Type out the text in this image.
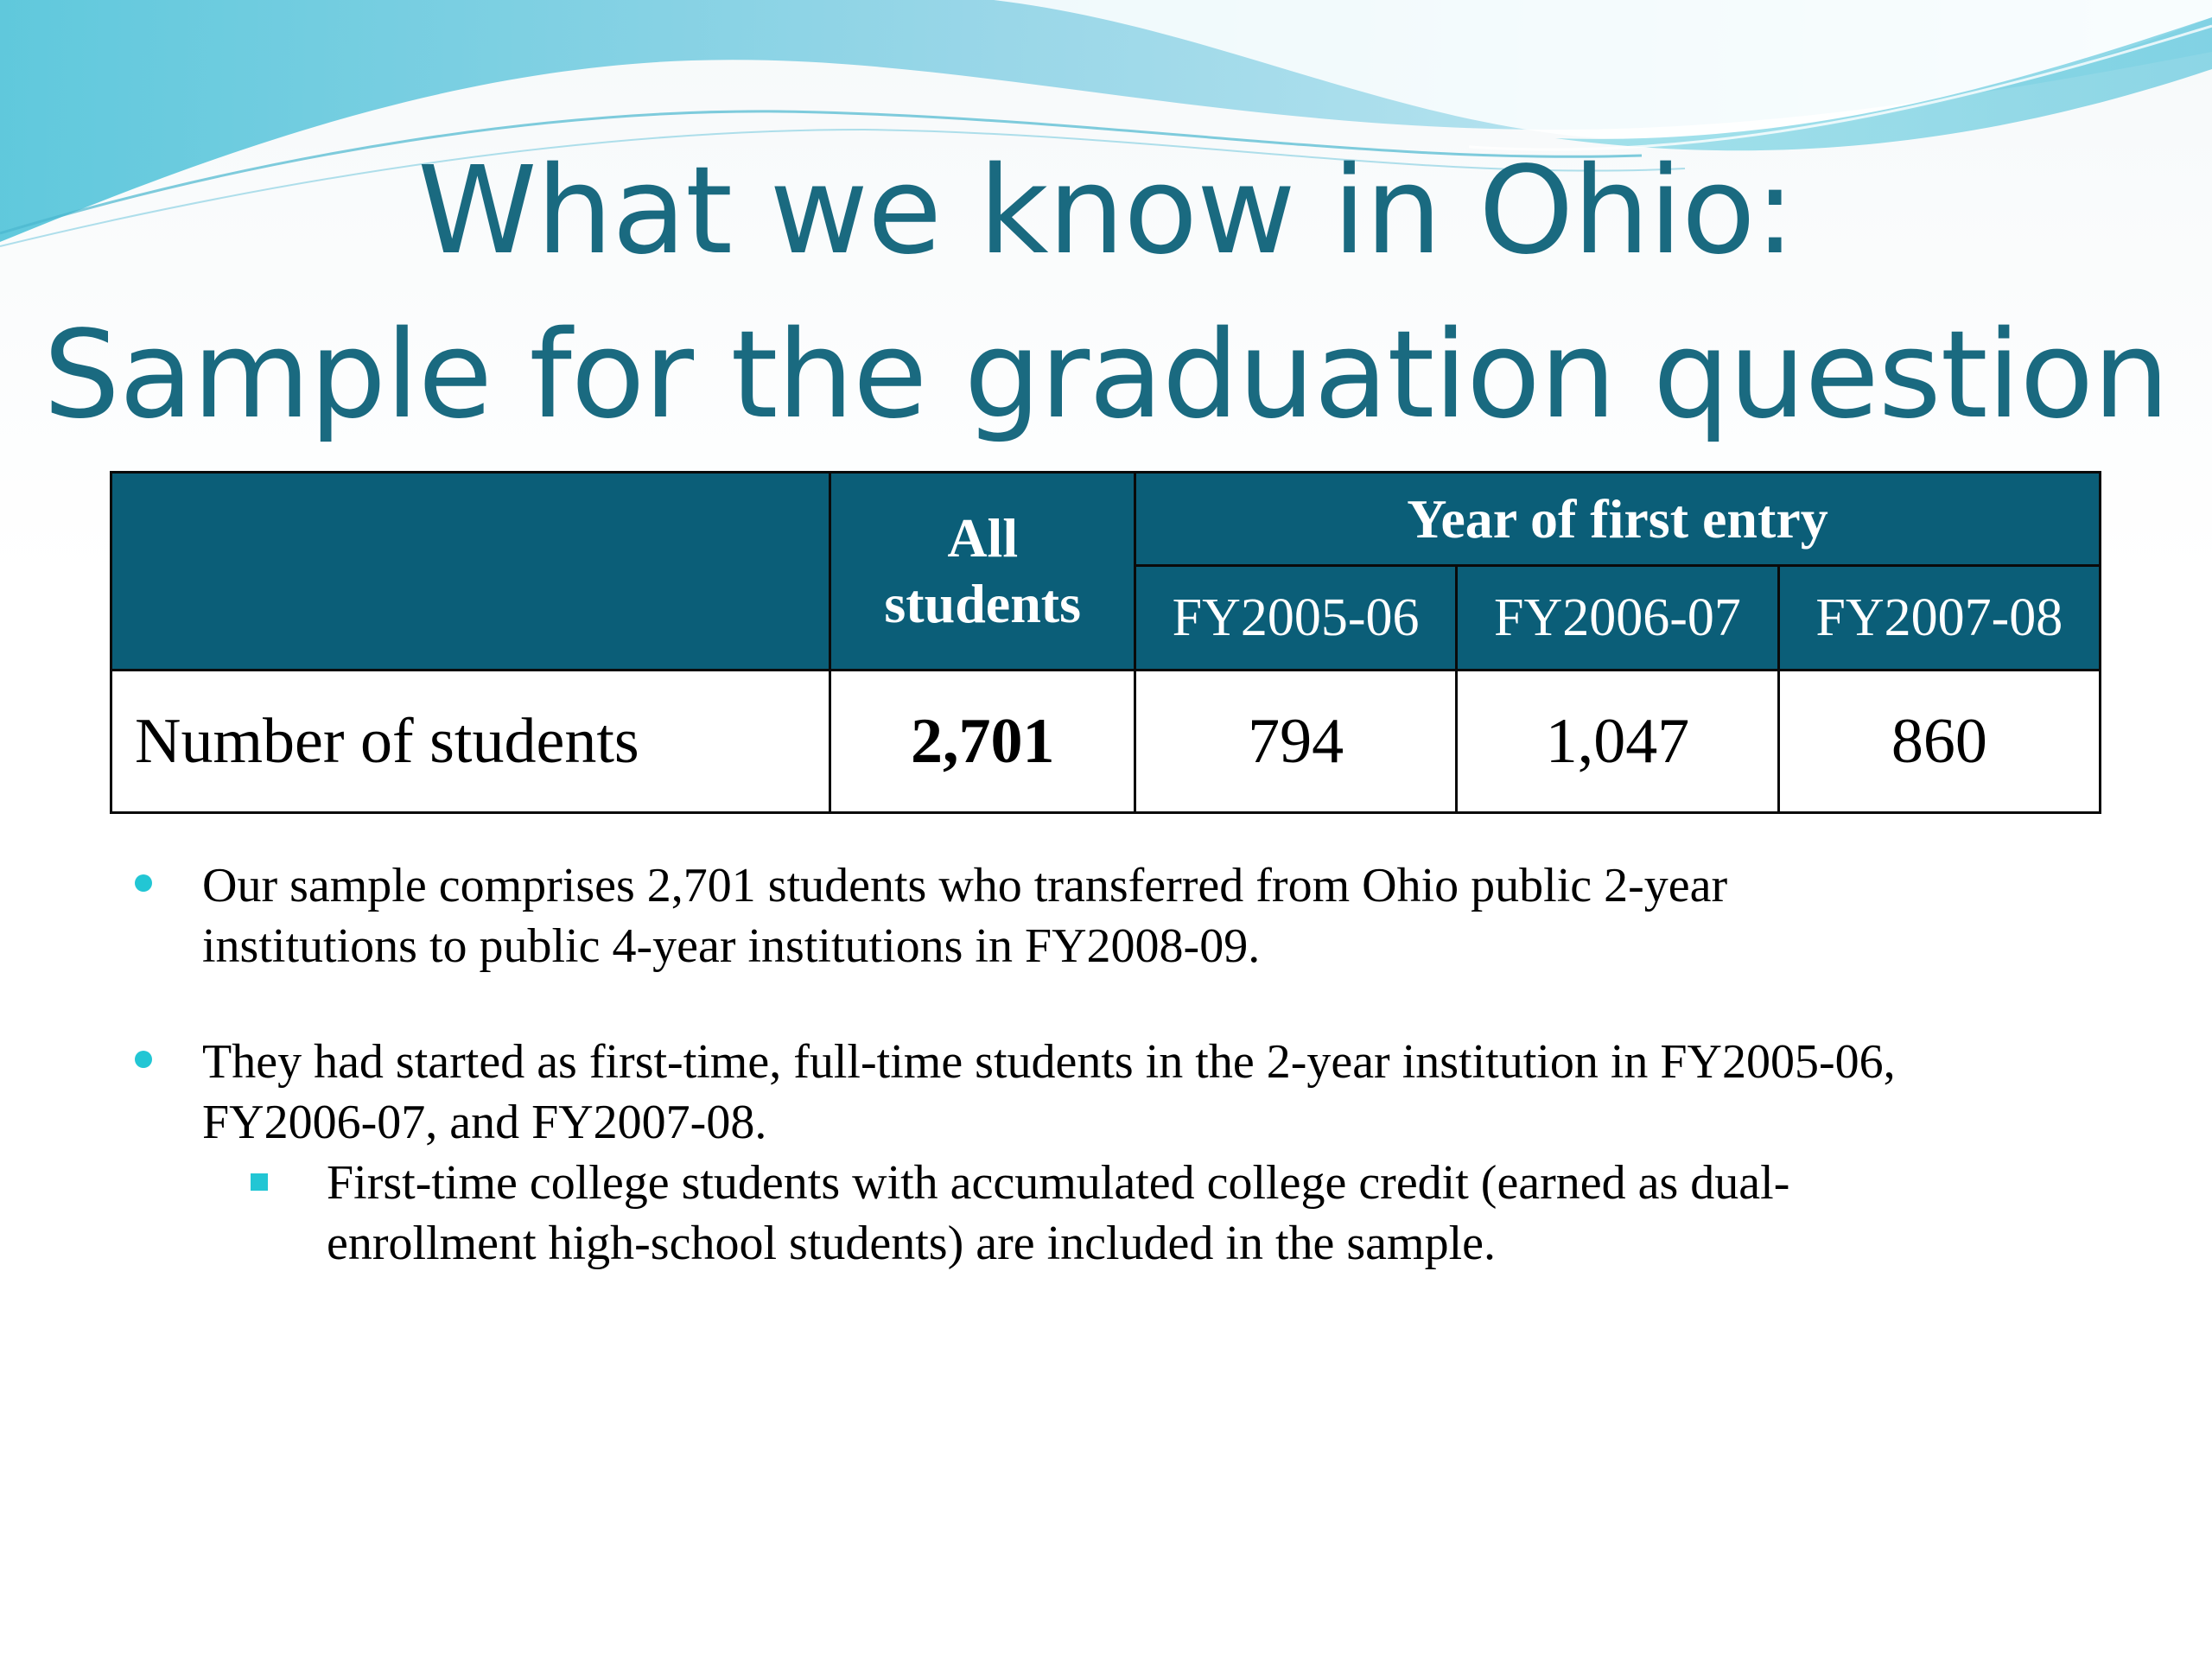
What we know in Ohio:
Sample for the graduation question

	All
students	Year of first entry		
		FY2005-06	FY2006-07	FY2007-08
Number of students	2,701	794	1,047	860
Our sample comprises 2,701 students who transferred from Ohio public 2-year
institutions to public 4-year institutions in FY2008-09.
They had started as first-time, full-time students in the 2-year institution in FY2005-06,
FY2006-07, and FY2007-08.
First-time college students with accumulated college credit (earned as dual-
enrollment high-school students) are included in the sample.
